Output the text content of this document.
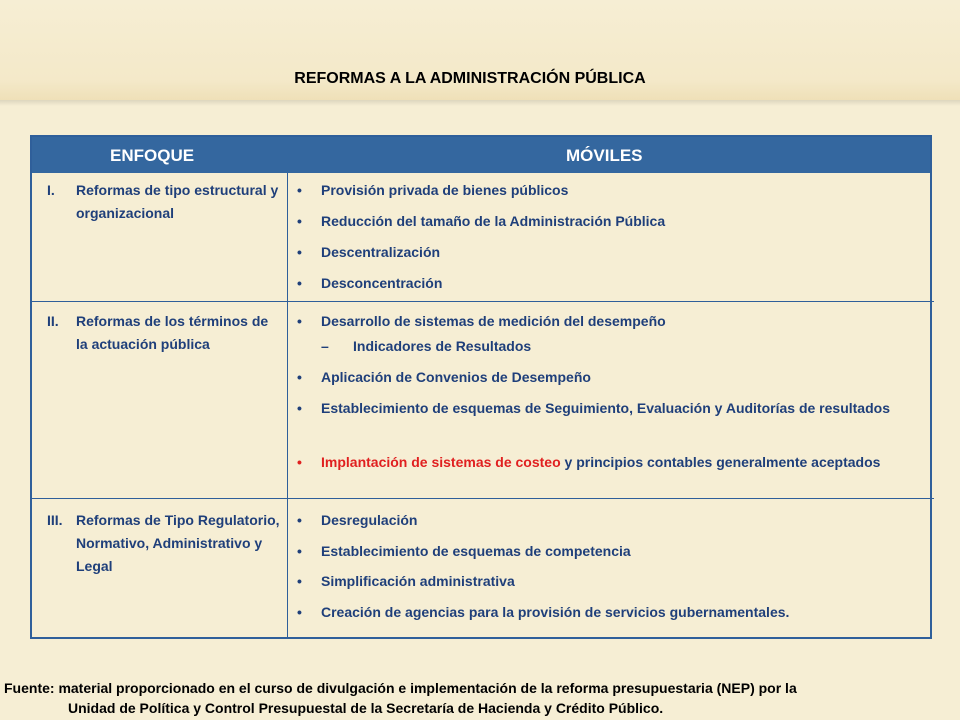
REFORMAS A LA ADMINISTRACIÓN PÚBLICA
ENFOQUE	MÓVILES
I. Reformas de tipo estructural y organizacional
• Provisión privada de bienes públicos
• Reducción del tamaño de la Administración Pública
• Descentralización
• Desconcentración
II. Reformas de los términos de la actuación pública
• Desarrollo de sistemas de medición del desempeño
– Indicadores de Resultados
• Aplicación de Convenios de Desempeño
• Establecimiento de esquemas de Seguimiento, Evaluación y Auditorías de resultados
• Implantación de sistemas de costeo y principios contables generalmente aceptados
III. Reformas de Tipo Regulatorio, Normativo, Administrativo y Legal
• Desregulación
• Establecimiento de esquemas de competencia
• Simplificación administrativa
• Creación de agencias para la provisión de servicios gubernamentales.
Fuente: material proporcionado en el curso de divulgación e implementación de la reforma presupuestaria (NEP) por la
Unidad de Política y Control Presupuestal de la Secretaría de Hacienda y Crédito Público.
